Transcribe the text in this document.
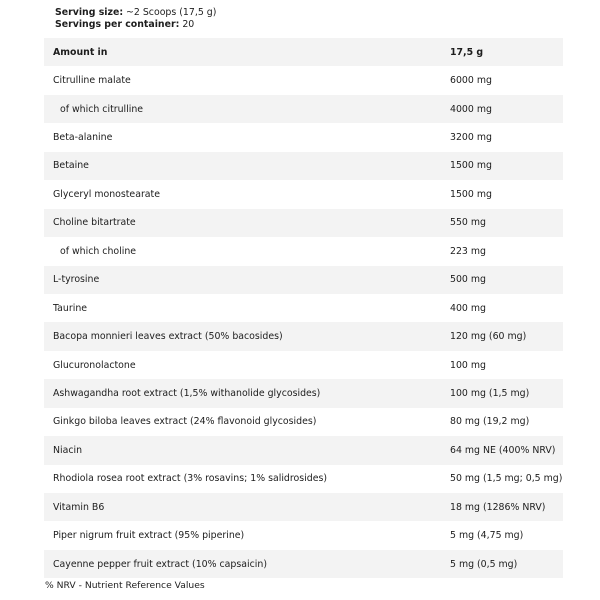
Serving size: ~2 Scoops (17,5 g)
Servings per container: 20
Amount in	17,5 g
Citrulline malate	6000 mg
of which citrulline	4000 mg
Beta-alanine	3200 mg
Betaine	1500 mg
Glyceryl monostearate	1500 mg
Choline bitartrate	550 mg
of which choline	223 mg
L-tyrosine	500 mg
Taurine	400 mg
Bacopa monnieri leaves extract (50% bacosides)	120 mg (60 mg)
Glucuronolactone	100 mg
Ashwagandha root extract (1,5% withanolide glycosides)	100 mg (1,5 mg)
Ginkgo biloba leaves extract (24% flavonoid glycosides)	80 mg (19,2 mg)
Niacin	64 mg NE (400% NRV)
Rhodiola rosea root extract (3% rosavins; 1% salidrosides)	50 mg (1,5 mg; 0,5 mg)
Vitamin B6	18 mg (1286% NRV)
Piper nigrum fruit extract (95% piperine)	5 mg (4,75 mg)
Cayenne pepper fruit extract (10% capsaicin)	5 mg (0,5 mg)
% NRV - Nutrient Reference Values
